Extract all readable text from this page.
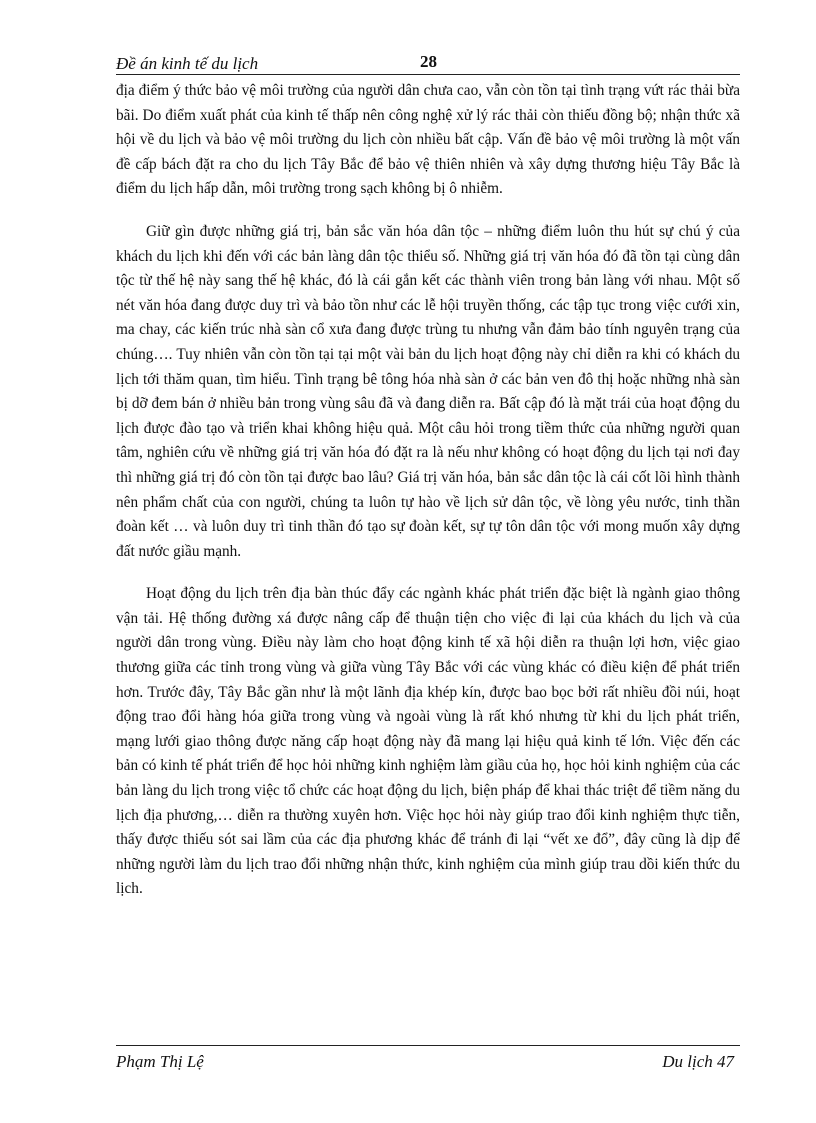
Đề án kinh tế du lịch	28

địa điểm ý thức bảo vệ môi trường của người dân chưa cao, vẫn còn tồn tại tình trạng vứt rác thải bừa bãi. Do điểm xuất phát của kinh tế thấp nên công nghệ xử lý rác thải còn thiếu đồng bộ; nhận thức xã hội về du lịch và bảo vệ môi trường du lịch còn nhiều bất cập. Vấn đề bảo vệ môi trường là một vấn đề cấp bách đặt ra cho du lịch Tây Bắc để bảo vệ thiên nhiên và xây dựng thương hiệu Tây Bắc là điểm du lịch hấp dẫn, môi trường trong sạch không bị ô nhiễm.

Giữ gìn được những giá trị, bản sắc văn hóa dân tộc – những điểm luôn thu hút sự chú ý của khách du lịch khi đến với các bản làng dân tộc thiểu số. Những giá trị văn hóa đó đã tồn tại cùng dân tộc từ thế hệ này sang thế hệ khác, đó là cái gắn kết các thành viên trong bản làng với nhau. Một số nét văn hóa đang được duy trì và bảo tồn như các lễ hội truyền thống, các tập tục trong việc cưới xin, ma chay, các kiến trúc nhà sàn cổ xưa đang được trùng tu nhưng vẫn đảm bảo tính nguyên trạng của chúng…. Tuy nhiên vẫn còn tồn tại tại một vài bản du lịch hoạt động này chỉ diễn ra khi có khách du lịch tới thăm quan, tìm hiểu. Tình trạng bê tông hóa nhà sàn ở các bản ven đô thị hoặc những nhà sàn bị dỡ đem bán ở nhiều bản trong vùng sâu đã và đang diễn ra. Bất cập đó là mặt trái của hoạt động du lịch được đào tạo và triển khai không hiệu quả. Một câu hỏi trong tiềm thức của những người quan tâm, nghiên cứu về những giá trị văn hóa đó đặt ra là nếu như không có hoạt động du lịch tại nơi đay thì những giá trị đó còn tồn tại được bao lâu? Giá trị văn hóa, bản sắc dân tộc là cái cốt lõi hình thành nên phẩm chất của con người, chúng ta luôn tự hào về lịch sử dân tộc, về lòng yêu nước, tinh thần đoàn kết … và luôn duy trì tinh thần đó tạo sự đoàn kết, sự tự tôn dân tộc với mong muốn xây dựng đất nước giầu mạnh.

Hoạt động du lịch trên địa bàn thúc đẩy các ngành khác phát triển đặc biệt là ngành giao thông vận tải. Hệ thống đường xá được nâng cấp để thuận tiện cho việc đi lại của khách du lịch và của người dân trong vùng. Điều này làm cho hoạt động kinh tế xã hội diễn ra thuận lợi hơn, việc giao thương giữa các tỉnh trong vùng và giữa vùng Tây Bắc với các vùng khác có điều kiện để phát triển hơn. Trước đây, Tây Bắc gần như là một lãnh địa khép kín, được bao bọc bởi rất nhiều đồi núi, hoạt động trao đổi hàng hóa giữa trong vùng và ngoài vùng là rất khó nhưng từ khi du lịch phát triển, mạng lưới giao thông được năng cấp hoạt động này đã mang lại hiệu quả kinh tế lớn. Việc đến các bản có kinh tế phát triển để học hỏi những kinh nghiệm làm giầu của họ, học hỏi kinh nghiệm của các bản làng du lịch trong việc tổ chức các hoạt động du lịch, biện pháp để khai thác triệt để tiềm năng du lịch địa phương,… diễn ra thường xuyên hơn. Việc học hỏi này giúp trao đổi kinh nghiệm thực tiễn, thấy được thiếu sót sai lầm của các địa phương khác để tránh đi lại “vết xe đổ”, đây cũng là dịp để những người làm du lịch trao đổi những nhận thức, kinh nghiệm của mình giúp trau dồi kiến thức du lịch.

Phạm Thị Lệ	Du lịch 47
